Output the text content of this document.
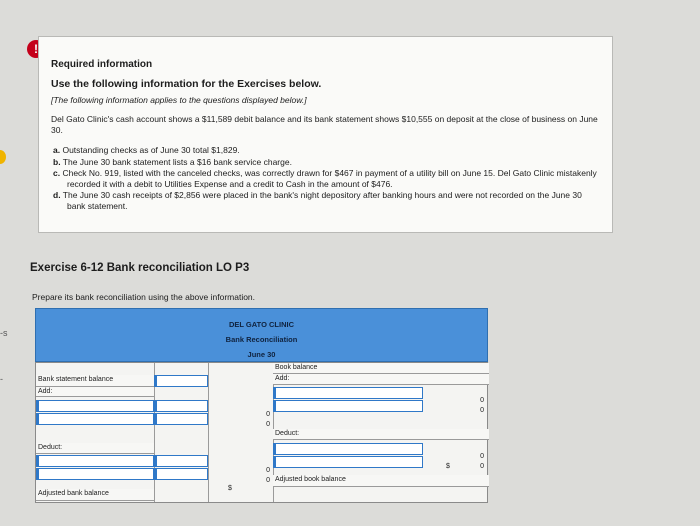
!
-s
-
Required information
Use the following information for the Exercises below.
[The following information applies to the questions displayed below.]
Del Gato Clinic's cash account shows a $11,589 debit balance and its bank statement shows $10,555 on deposit at the close of business on June 30.
a. Outstanding checks as of June 30 total $1,829.
b. The June 30 bank statement lists a $16 bank service charge.
c. Check No. 919, listed with the canceled checks, was correctly drawn for $467 in payment of a utility bill on June 15. Del Gato Clinic mistakenly recorded it with a debit to Utilities Expense and a credit to Cash in the amount of $476.
d. The June 30 cash receipts of $2,856 were placed in the bank's night depository after banking hours and were not recorded on the June 30 bank statement.
Exercise 6-12 Bank reconciliation LO P3
Prepare its bank reconciliation using the above information.
DEL GATO CLINIC
Bank Reconciliation
June 30
Bank statement balance
Add:
0
0
Deduct:
0
Adjusted bank balance
$
0
Book balance
Add:
0
0
Deduct:
0
$	0
Adjusted book balance
